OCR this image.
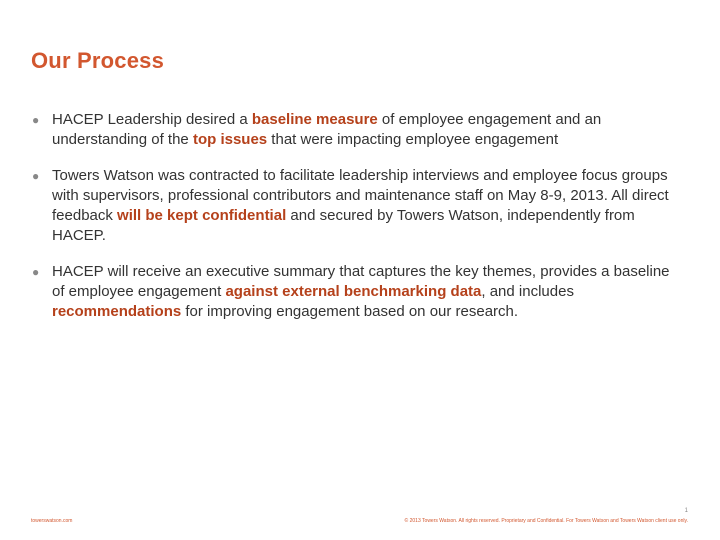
Our Process
● HACEP Leadership desired a baseline measure of employee engagement and an understanding of the top issues that were impacting employee engagement
● Towers Watson was contracted to facilitate leadership interviews and employee focus groups with supervisors, professional contributors and maintenance staff on May 8-9, 2013. All direct feedback will be kept confidential and secured by Towers Watson, independently from HACEP.
● HACEP will receive an executive summary that captures the key themes, provides a baseline of employee engagement against external benchmarking data, and includes recommendations for improving engagement based on our research.
1
towerswatson.com	© 2013 Towers Watson. All rights reserved. Proprietary and Confidential. For Towers Watson and Towers Watson client use only.
